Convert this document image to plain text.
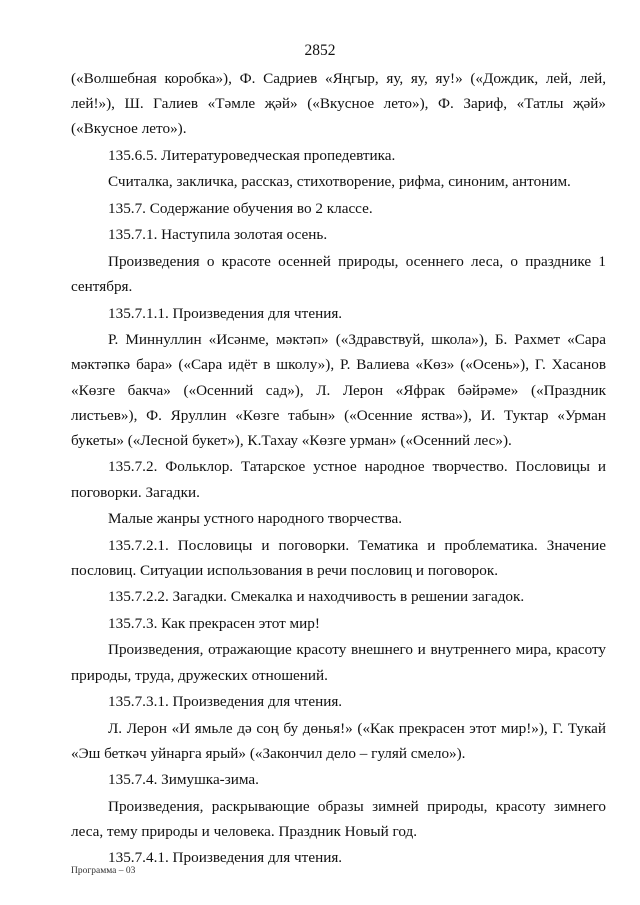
2852

(«Волшебная коробка»), Ф. Садриев «Яңгыр, яу, яу, яу!» («Дождик, лей, лей, лей!»), Ш. Галиев «Тәмле җәй» («Вкусное лето»), Ф. Зариф, «Татлы җәй» («Вкусное лето»).

135.6.5. Литературоведческая пропедевтика.

Считалка, закличка, рассказ, стихотворение, рифма, синоним, антоним.

135.7. Содержание обучения во 2 классе.

135.7.1. Наступила золотая осень.

Произведения о красоте осенней природы, осеннего леса, о празднике 1 сентября.

135.7.1.1. Произведения для чтения.

Р. Миннуллин «Исәнме, мәктәп» («Здравствуй, школа»), Б. Рахмет «Сара мәктәпкә бара» («Сара идёт в школу»), Р. Валиева «Көз» («Осень»), Г. Хасанов «Көзге бакча» («Осенний сад»), Л. Лерон «Яфрак бәйрәме» («Праздник листьев»), Ф. Яруллин «Көзге табын» («Осенние яства»), И. Туктар «Урман букеты» («Лесной букет»), К.Тахау «Көзге урман» («Осенний лес»).

135.7.2. Фольклор. Татарское устное народное творчество. Пословицы и поговорки. Загадки.

Малые жанры устного народного творчества.

135.7.2.1. Пословицы и поговорки. Тематика и проблематика. Значение пословиц. Ситуации использования в речи пословиц и поговорок.

135.7.2.2. Загадки. Смекалка и находчивость в решении загадок.

135.7.3. Как прекрасен этот мир!

Произведения, отражающие красоту внешнего и внутреннего мира, красоту природы, труда, дружеских отношений.

135.7.3.1. Произведения для чтения.

Л. Лерон «И ямьле дә соң бу дөнья!» («Как прекрасен этот мир!»), Г. Тукай «Эш беткәч уйнарга ярый» («Закончил дело – гуляй смело»).

135.7.4. Зимушка-зима.

Произведения, раскрывающие образы зимней природы, красоту зимнего леса, тему природы и человека. Праздник Новый год.

135.7.4.1. Произведения для чтения.

Программа – 03
